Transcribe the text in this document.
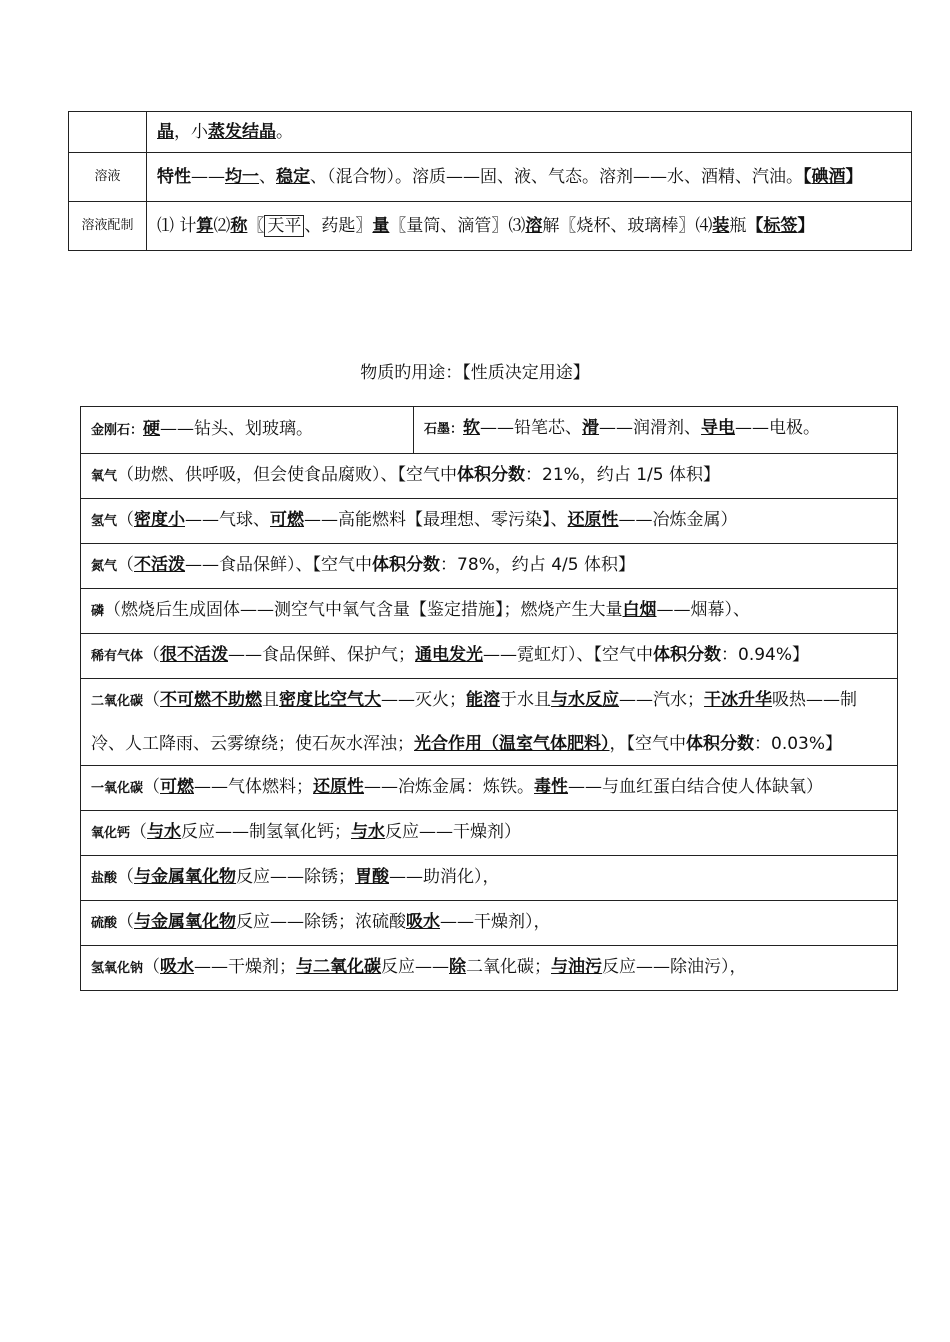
	晶，小蒸发结晶。
溶液	特性——均一、稳定、（混合物）。溶质——固、液、气态。溶剂——水、酒精、汽油。【碘酒】
溶液配制	⑴ 计算⑵称〖 天平 、药匙〗量〖量筒、滴管〗⑶溶解〖烧杯、玻璃棒〗⑷装瓶【标签】
物质旳用途：【性质决定用途】
金刚石：硬——钻头、划玻璃。	石墨：软——铅笔芯、滑——润滑剂、导电——电极。
氧气（助燃、供呼吸，但会使食品腐败）、【空气中体积分数：21%，约占 1/5 体积】
氢气（密度小——气球、可燃——高能燃料【最理想、零污染】、还原性——冶炼金属）
氮气（不活泼——食品保鲜）、【空气中体积分数：78%，约占 4/5 体积】
磷（燃烧后生成固体——测空气中氧气含量【鉴定措施】；燃烧产生大量白烟——烟幕）、
稀有气体（很不活泼——食品保鲜、保护气；通电发光——霓虹灯）、【空气中体积分数：0.94%】
二氧化碳（不可燃不助燃且密度比空气大——灭火；能溶于水且与水反应——汽水；干冰升华吸热——制冷、人工降雨、云雾缭绕；使石灰水浑浊；光合作用（温室气体肥料），【空气中体积分数：0.03%】
一氧化碳（可燃——气体燃料；还原性——冶炼金属：炼铁。毒性——与血红蛋白结合使人体缺氧）
氧化钙（与水反应——制氢氧化钙；与水反应——干燥剂）
盐酸（与金属氧化物反应——除锈；胃酸——助消化），
硫酸（与金属氧化物反应——除锈；浓硫酸吸水——干燥剂），
氢氧化钠（吸水——干燥剂；与二氧化碳反应——除二氧化碳；与油污反应——除油污），
